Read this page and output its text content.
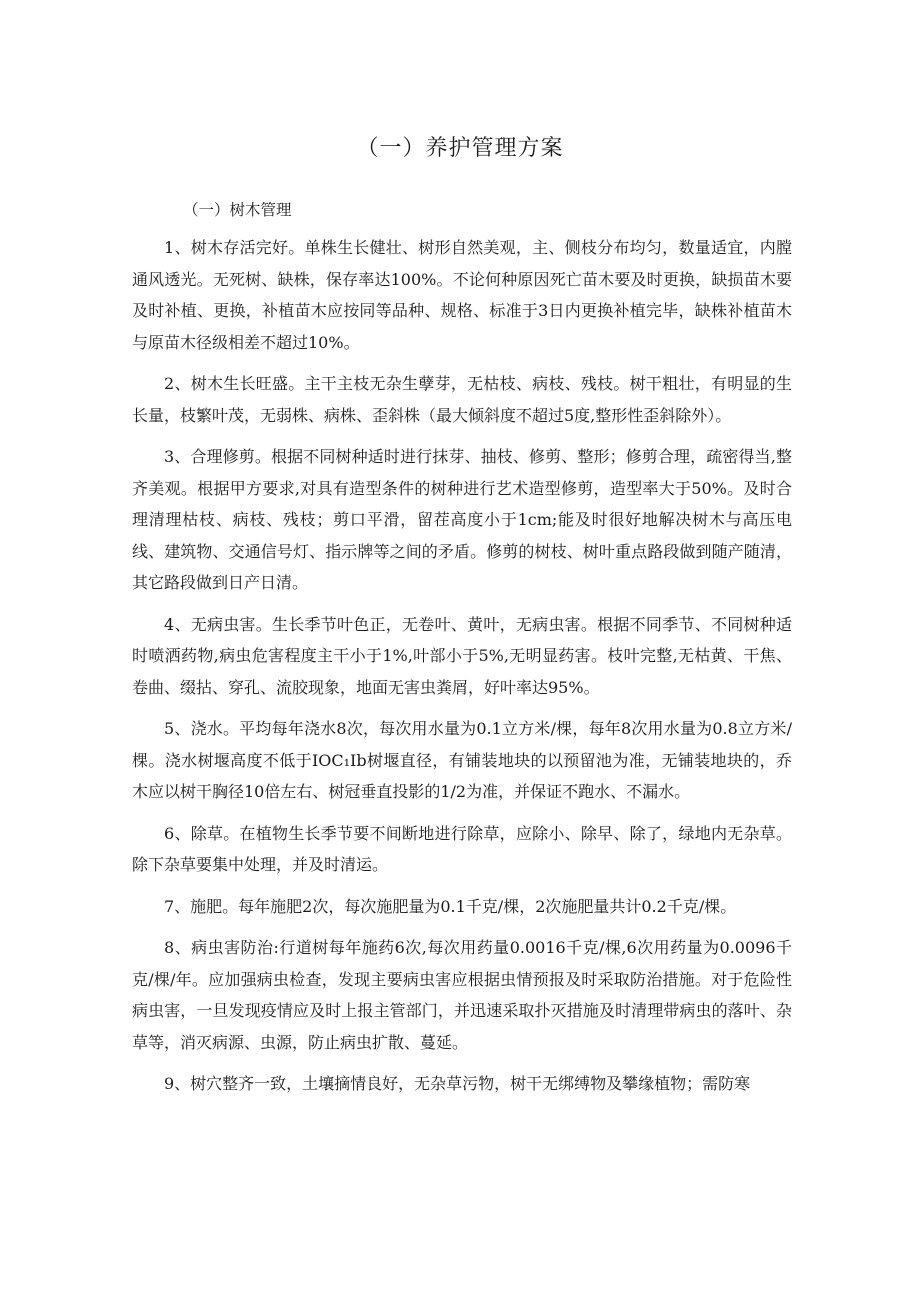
（一）养护管理方案
（一）树木管理

1、树木存活完好。单株生长健壮、树形自然美观，主、侧枝分布均匀，数量适宜，内膛通风透光。无死树、缺株，保存率达100%。不论何种原因死亡苗木要及时更换，缺损苗木要及时补植、更换，补植苗木应按同等品种、规格、标准于3日内更换补植完毕，缺株补植苗木与原苗木径级相差不超过10%。

2、树木生长旺盛。主干主枝无杂生孽芽，无枯枝、病枝、残枝。树干粗壮，有明显的生长量，枝繁叶茂，无弱株、病株、歪斜株（最大倾斜度不超过5度,整形性歪斜除外）。

3、合理修剪。根据不同树种适时进行抹芽、抽枝、修剪、整形；修剪合理，疏密得当,整齐美观。根据甲方要求,对具有造型条件的树种进行艺术造型修剪，造型率大于50%。及时合理清理枯枝、病枝、残枝；剪口平滑，留茬高度小于1cm;能及时很好地解决树木与高压电线、建筑物、交通信号灯、指示牌等之间的矛盾。修剪的树枝、树叶重点路段做到随产随清，其它路段做到日产日清。

4、无病虫害。生长季节叶色正，无卷叶、黄叶，无病虫害。根据不同季节、不同树种适时喷洒药物,病虫危害程度主干小于1%,叶部小于5%,无明显药害。枝叶完整,无枯黄、干焦、卷曲、缀拈、穿孔、流胶现象，地面无害虫粪屑，好叶率达95%。

5、浇水。平均每年浇水8次，每次用水量为0.1立方米/棵，每年8次用水量为0.8立方米/棵。浇水树堰高度不低于IOC₁Ib树堰直径，有铺装地块的以预留池为准，无铺装地块的，乔木应以树干胸径10倍左右、树冠垂直投影的1/2为准，并保证不跑水、不漏水。

6、除草。在植物生长季节要不间断地进行除草，应除小、除早、除了，绿地内无杂草。除下杂草要集中处理，并及时清运。

7、施肥。每年施肥2次，每次施肥量为0.1千克/棵，2次施肥量共计0.2千克/棵。

8、病虫害防治:行道树每年施药6次,每次用药量0.0016千克/棵,6次用药量为0.0096千克/棵/年。应加强病虫检查，发现主要病虫害应根据虫情预报及时采取防治措施。对于危险性病虫害，一旦发现疫情应及时上报主管部门，并迅速采取扑灭措施及时清理带病虫的落叶、杂草等，消灭病源、虫源，防止病虫扩散、蔓延。

9、树穴整齐一致，土壤摘情良好，无杂草污物，树干无绑缚物及攀缘植物；需防寒
